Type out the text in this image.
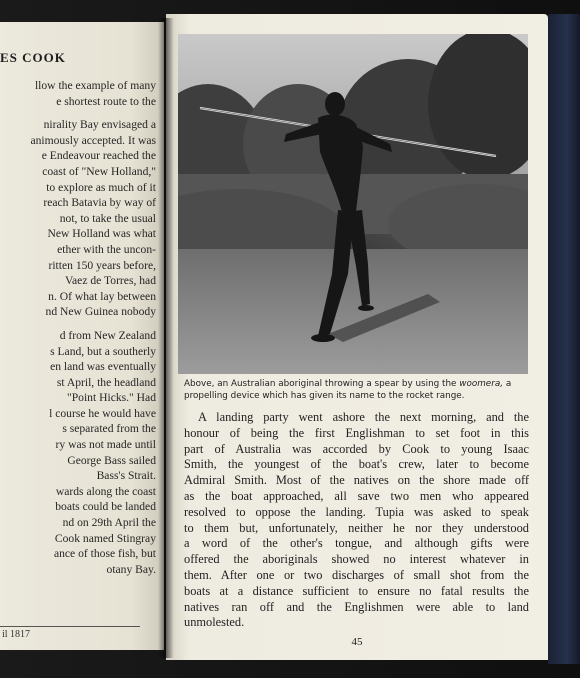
ES COOK
llow the example of many
e shortest route to the
nirality Bay envisaged a
animously accepted. It was
e Endeavour reached the
coast of "New Holland,"
to explore as much of it
reach Batavia by way of
not, to take the usual
New Holland was what
ether with the uncon-
ritten 150 years before,
Vaez de Torres, had
n. Of what lay between
nd New Guinea nobody
d from New Zealand
s Land, but a southerly
en land was eventually
st April, the headland
"Point Hicks." Had
l course he would have
s separated from the
ry was not made until
George Bass sailed
Bass's Strait.
wards along the coast
boats could be landed
nd on 29th April the
Cook named Stingray
ance of those fish, but
otany Bay.
il 1817
Above, an Australian aboriginal throwing a spear by using the woomera, a propelling device which has given its name to the rocket range.
A landing party went ashore the next morning, and the
honour of being the first Englishman to set foot in this
part of Australia was accorded by Cook to young Isaac
Smith, the youngest of the boat's crew, later to become
Admiral Smith. Most of the natives on the shore made off
as the boat approached, all save two men who appeared
resolved to oppose the landing. Tupia was asked to speak
to them but, unfortunately, neither he nor they understood
a word of the other's tongue, and although gifts were
offered the aboriginals showed no interest whatever in
them. After one or two discharges of small shot from the
boats at a distance sufficient to ensure no fatal results the
natives ran off and the Englishmen were able to land
unmolested.
45
